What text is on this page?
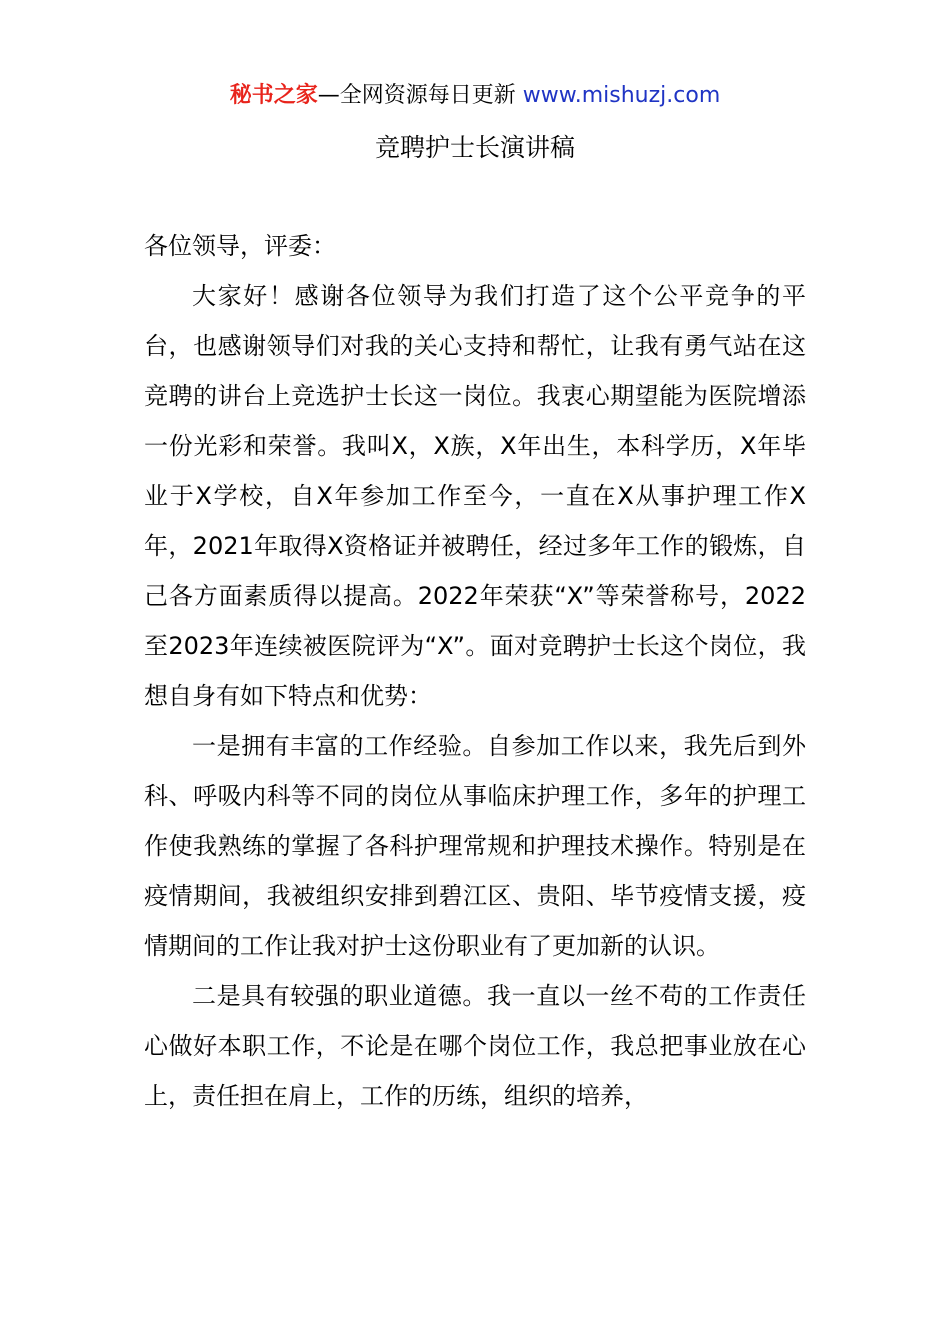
秘书之家—全网资源每日更新 www.mishuzj.com
竞聘护士长演讲稿

各位领导，评委：

大家好！感谢各位领导为我们打造了这个公平竞争的平台，也感谢领导们对我的关心支持和帮忙，让我有勇气站在这竞聘的讲台上竞选护士长这一岗位。我衷心期望能为医院增添一份光彩和荣誉。我叫X，X族，X年出生，本科学历，X年毕业于X学校，自X年参加工作至今，一直在X从事护理工作X年，2021年取得X资格证并被聘任，经过多年工作的锻炼，自己各方面素质得以提高。2022年荣获“X”等荣誉称号，2022至2023年连续被医院评为“X”。面对竞聘护士长这个岗位，我想自身有如下特点和优势：

一是拥有丰富的工作经验。自参加工作以来，我先后到外科、呼吸内科等不同的岗位从事临床护理工作，多年的护理工作使我熟练的掌握了各科护理常规和护理技术操作。特别是在疫情期间，我被组织安排到碧江区、贵阳、毕节疫情支援，疫情期间的工作让我对护士这份职业有了更加新的认识。

二是具有较强的职业道德。我一直以一丝不苟的工作责任心做好本职工作，不论是在哪个岗位工作，我总把事业放在心上，责任担在肩上，工作的历练，组织的培养，
